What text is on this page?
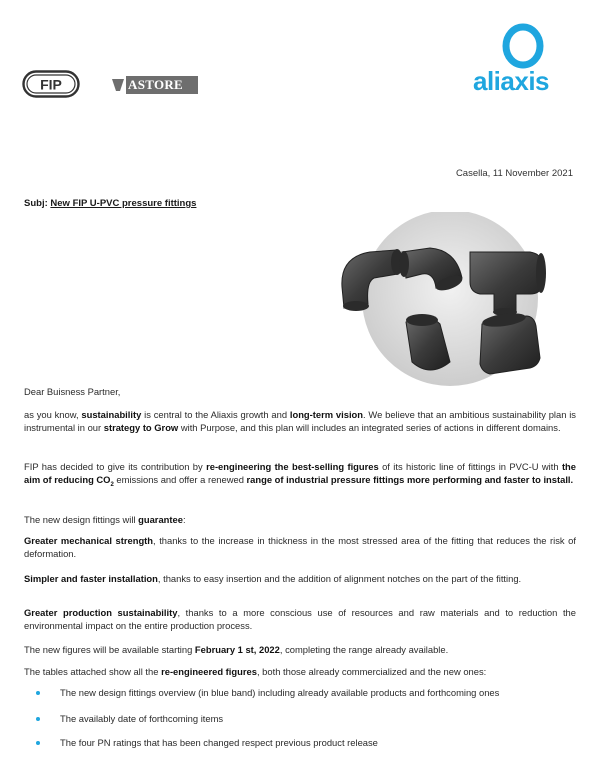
FIP	ASTORE	aliaxis
Casella, 11 November 2021
Subj: New FIP U-PVC pressure fittings
Dear Buisness Partner,
as you know, sustainability is central to the Aliaxis growth and long-term vision. We believe that an ambitious sustainability plan is instrumental in our strategy to Grow with Purpose, and this plan will includes an integrated series of actions in different domains.
FIP has decided to give its contribution by re-engineering the best-selling figures of its historic line of fittings in PVC-U with the aim of reducing $CO_2$ emissions and offer a renewed range of industrial pressure fittings more performing and faster to install.
The new design fittings will guarantee:
Greater mechanical strength, thanks to the increase in thickness in the most stressed area of the fitting that reduces the risk of deformation.
Simpler and faster installation, thanks to easy insertion and the addition of alignment notches on the part of the fitting.
Greater production sustainability, thanks to a more conscious use of resources and raw materials and to reduction the environmental impact on the entire production process.
The new figures will be available starting February 1 st, 2022, completing the range already available.
The tables attached show all the re-engineered figures, both those already commercialized and the new ones:
The new design fittings overview (in blue band) including already available products and forthcoming ones
The availably date of forthcoming items
The four PN ratings that has been changed respect previous product release
